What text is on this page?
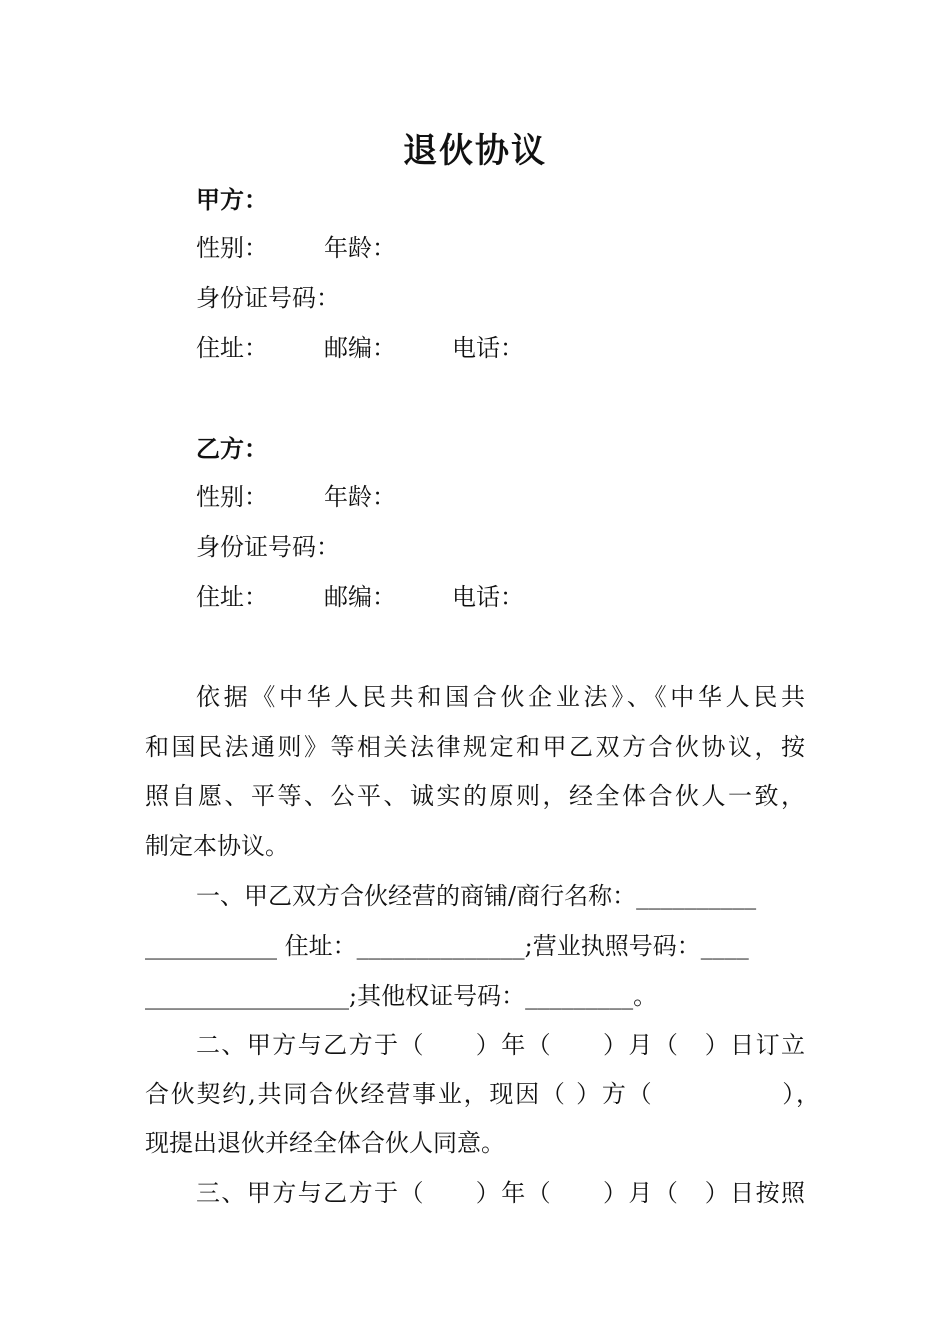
退伙协议
甲方：
性别： 年龄：
身份证号码：
住址： 邮编： 电话：
乙方：
性别： 年龄：
身份证号码：
住址： 邮编： 电话：
依据《中华人民共和国合伙企业法》、《中华人民共
和国民法通则》等相关法律规定和甲乙双方合伙协议，按
照自愿、平等、公平、诚实的原则，经全体合伙人一致，
制定本协议。
一、甲乙双方合伙经营的商铺/商行名称：__________
___________ 住址：______________;营业执照号码：____
_________________;其他权证号码：_________。
二、甲方与乙方于（　　）年（　　）月（　）日订立
合伙契约,共同合伙经营事业，现因（ ）方（　　　　　），
现提出退伙并经全体合伙人同意。
三、甲方与乙方于（　　）年（　　）月（　）日按照
